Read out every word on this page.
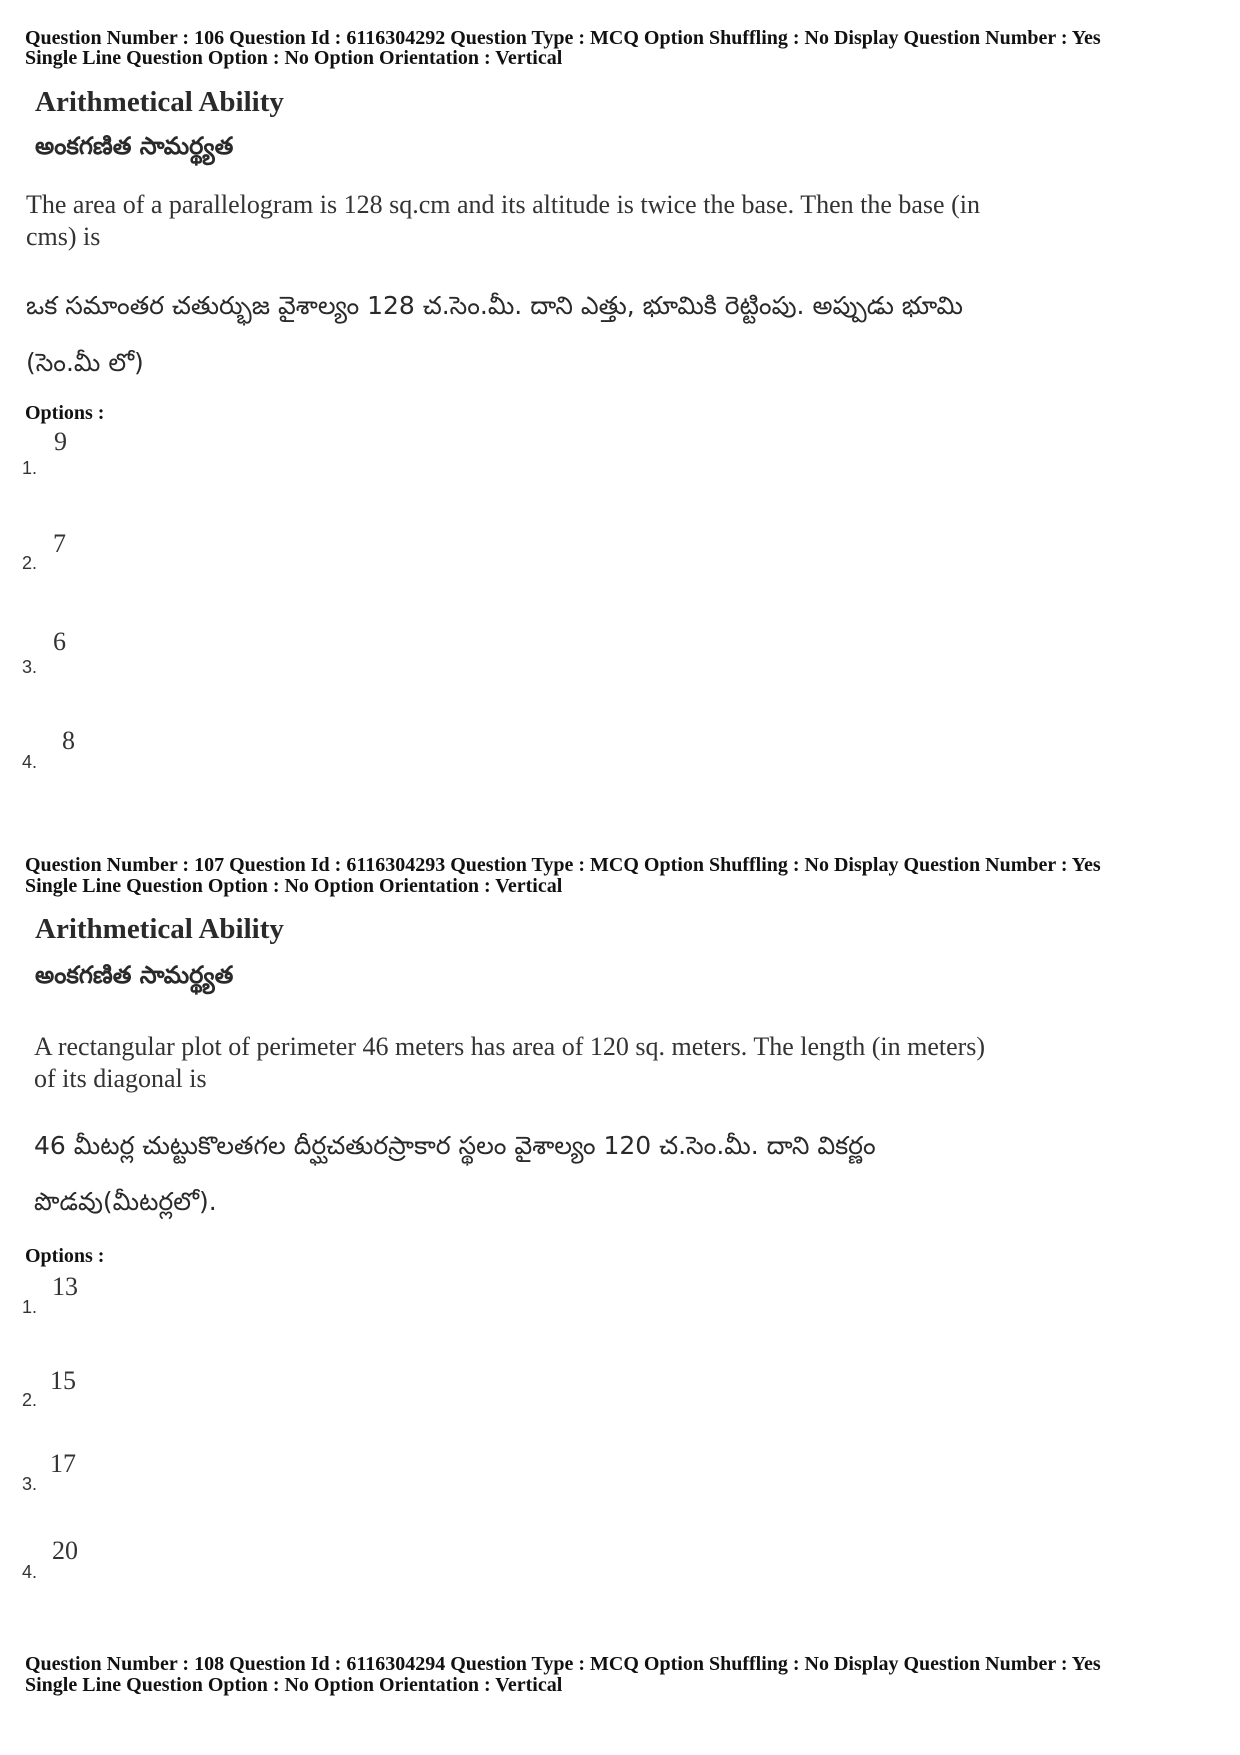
Question Number : 106 Question Id : 6116304292 Question Type : MCQ Option Shuffling : No Display Question Number : Yes
Single Line Question Option : No Option Orientation : Vertical
Arithmetical Ability
అంకగణిత సామర్థ్యత
The area of a parallelogram is 128 sq.cm and its altitude is twice the base. Then the base (in
cms) is
ఒక సమాంతర చతుర్భుజ వైశాల్యం 128 చ.సెం.మీ. దాని ఎత్తు, భూమికి రెట్టింపు. అప్పుడు భూమి
(సెం.మీ లో)
Options :
1.
9
2.
7
3.
6
4.
8
Question Number : 107 Question Id : 6116304293 Question Type : MCQ Option Shuffling : No Display Question Number : Yes
Single Line Question Option : No Option Orientation : Vertical
Arithmetical Ability
అంకగణిత సామర్థ్యత
A rectangular plot of perimeter 46 meters has area of 120 sq. meters. The length (in meters)
of its diagonal is
46 మీటర్ల చుట్టుకొలతగల దీర్ఘచతురస్రాకార స్థలం వైశాల్యం 120 చ.సెం.మీ. దాని వికర్ణం
పొడవు(మీటర్లలో).
Options :
1.
13
2.
15
3.
17
4.
20
Question Number : 108 Question Id : 6116304294 Question Type : MCQ Option Shuffling : No Display Question Number : Yes
Single Line Question Option : No Option Orientation : Vertical
